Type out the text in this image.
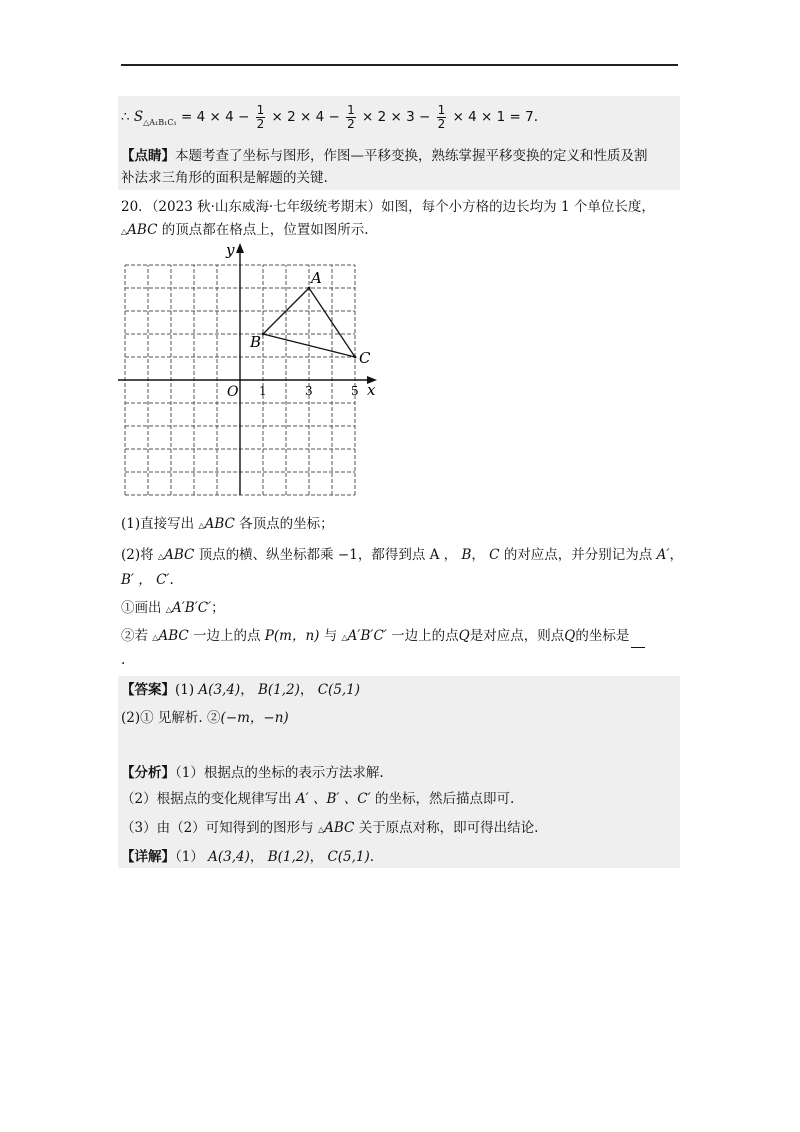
∴ $S_{\triangle A_1B_1C_1} = 4 \times 4 - \frac{1}{2} \times 2 \times 4 - \frac{1}{2} \times 2 \times 3 - \frac{1}{2} \times 4 \times 1 = 7$.
【点睛】本题考查了坐标与图形，作图—平移变换，熟练掌握平移变换的定义和性质及割
补法求三角形的面积是解题的关键.
20．（2023 秋·山东威海·七年级统考期末）如图，每个小方格的边长均为 1 个单位长度，
△ABC 的顶点都在格点上，位置如图所示.
x
y
O 1	3	5
A
B
C
(1)直接写出 △ABC 各顶点的坐标；
(2)将 △ABC 顶点的横、纵坐标都乘 −1，都得到点 A ， B， C 的对应点，并分别记为点 A′，
B′ ， C′.
①画出 △A′B′C′；
②若 △ABC 一边上的点 P(m，n) 与 △A′B′C′ 一边上的点Q是对应点，则点Q的坐标是
.
【答案】(1) A(3,4)， B(1,2)， C(5,1)
(2)① 见解析. ②(−m，−n)
【分析】（1）根据点的坐标的表示方法求解.
（2）根据点的变化规律写出 A′ 、B′ 、C′ 的坐标，然后描点即可.
（3）由（2）可知得到的图形与 △ABC 关于原点对称，即可得出结论.
【详解】（1） A(3,4)， B(1,2)， C(5,1).
